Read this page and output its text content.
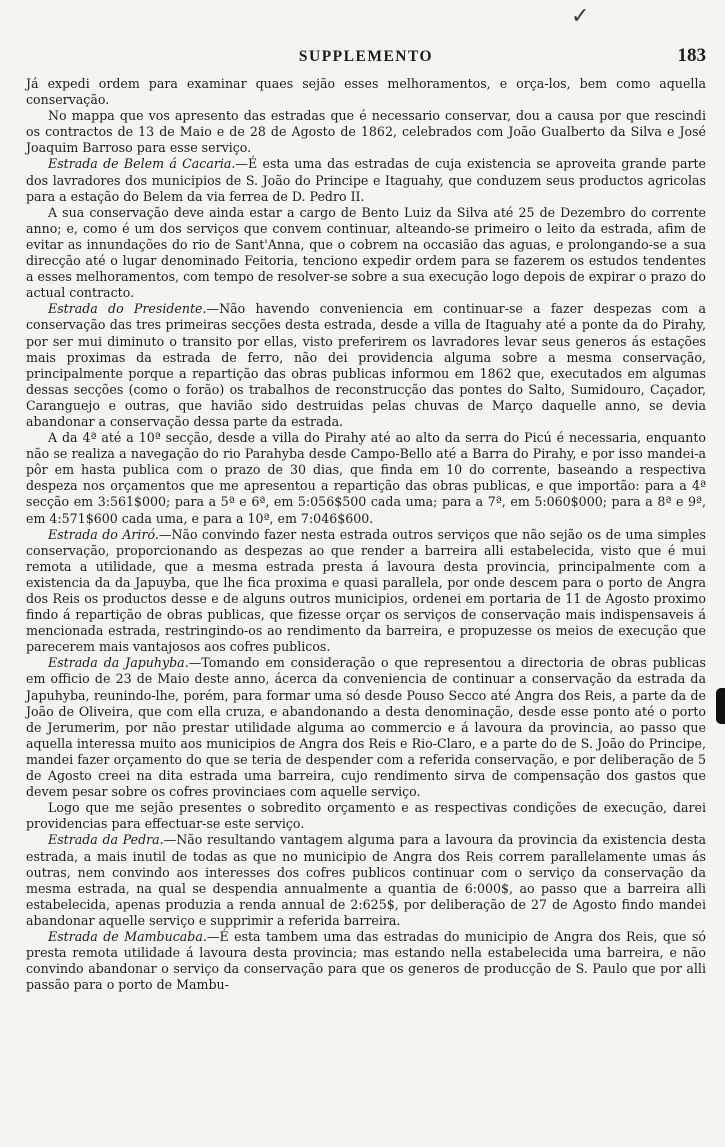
✓
SUPPLEMENTO	183

Já expedi ordem para examinar quaes sejão esses melhoramentos, e orça-los, bem como aquella conservação.

No mappa que vos apresento das estradas que é necessario conservar, dou a causa por que rescindi os contractos de 13 de Maio e de 28 de Agosto de 1862, celebrados com João Gualberto da Silva e José Joaquim Barroso para esse serviço.

Estrada de Belem á Cacaria.—É esta uma das estradas de cuja existencia se aproveita grande parte dos lavradores dos municipios de S. João do Principe e Itaguahy, que conduzem seus productos agricolas para a estação do Belem da via ferrea de D. Pedro II.

A sua conservação deve ainda estar a cargo de Bento Luiz da Silva até 25 de Dezembro do corrente anno; e, como é um dos serviços que convem continuar, alteando-se primeiro o leito da estrada, afim de evitar as innundações do rio de Sant'Anna, que o cobrem na occasião das aguas, e prolongando-se a sua direcção até o lugar denominado Feitoria, tenciono expedir ordem para se fazerem os estudos tendentes a esses melhoramentos, com tempo de resolver-se sobre a sua execução logo depois de expirar o prazo do actual contracto.

Estrada do Presidente.—Não havendo conveniencia em continuar-se a fazer despezas com a conservação das tres primeiras secções desta estrada, desde a villa de Itaguahy até a ponte da do Pirahy, por ser mui diminuto o transito por ellas, visto preferirem os lavradores levar seus generos ás estações mais proximas da estrada de ferro, não dei providencia alguma sobre a mesma conservação, principalmente porque a repartição das obras publicas informou em 1862 que, executados em algumas dessas secções (como o forão) os trabalhos de reconstrucção das pontes do Salto, Sumidouro, Caçador, Caranguejo e outras, que havião sido destruidas pelas chuvas de Março daquelle anno, se devia abandonar a conservação dessa parte da estrada.

A da 4ª até a 10ª secção, desde a villa do Pirahy até ao alto da serra do Picú é necessaria, enquanto não se realiza a navegação do rio Parahyba desde Campo-Bello até a Barra do Pirahy, e por isso mandei-a pôr em hasta publica com o prazo de 30 dias, que finda em 10 do corrente, baseando a respectiva despeza nos orçamentos que me apresentou a repartição das obras publicas, e que importão: para a 4ª secção em 3:561$000; para a 5ª e 6ª, em 5:056$500 cada uma; para a 7ª, em 5:060$000; para a 8ª e 9ª, em 4:571$600 cada uma, e para a 10ª, em 7:046$600.

Estrada do Ariró.—Não convindo fazer nesta estrada outros serviços que não sejão os de uma simples conservação, proporcionando as despezas ao que render a barreira alli estabelecida, visto que é mui remota a utilidade, que a mesma estrada presta á lavoura desta provincia, principalmente com a existencia da da Japuyba, que lhe fica proxima e quasi parallela, por onde descem para o porto de Angra dos Reis os productos desse e de alguns outros municipios, ordenei em portaria de 11 de Agosto proximo findo á repartição de obras publicas, que fizesse orçar os serviços de conservação mais indispensaveis á mencionada estrada, restringindo-os ao rendimento da barreira, e propuzesse os meios de execução que parecerem mais vantajosos aos cofres publicos.

Estrada da Japuhyba.—Tomando em consideração o que representou a directoria de obras publicas em officio de 23 de Maio deste anno, ácerca da conveniencia de continuar a conservação da estrada da Japuhyba, reunindo-lhe, porém, para formar uma só desde Pouso Secco até Angra dos Reis, a parte da de João de Oliveira, que com ella cruza, e abandonando a desta denominação, desde esse ponto até o porto de Jerumerim, por não prestar utilidade alguma ao commercio e á lavoura da provincia, ao passo que aquella interessa muito aos municipios de Angra dos Reis e Rio-Claro, e a parte do de S. João do Principe, mandei fazer orçamento do que se teria de despender com a referida conservação, e por deliberação de 5 de Agosto creei na dita estrada uma barreira, cujo rendimento sirva de compensação dos gastos que devem pesar sobre os cofres provinciaes com aquelle serviço.

Logo que me sejão presentes o sobredito orçamento e as respectivas condições de execução, darei providencias para effectuar-se este serviço.

Estrada da Pedra.—Não resultando vantagem alguma para a lavoura da provincia da existencia desta estrada, a mais inutil de todas as que no municipio de Angra dos Reis correm parallelamente umas ás outras, nem convindo aos interesses dos cofres publicos continuar com o serviço da conservação da mesma estrada, na qual se despendia annualmente a quantia de 6:000$, ao passo que a barreira alli estabelecida, apenas produzia a renda annual de 2:625$, por deliberação de 27 de Agosto findo mandei abandonar aquelle serviço e supprimir a referida barreira.

Estrada de Mambucaba.—É esta tambem uma das estradas do municipio de Angra dos Reis, que só presta remota utilidade á lavoura desta provincia; mas estando nella estabelecida uma barreira, e não convindo abandonar o serviço da conservação para que os generos de producção de S. Paulo que por alli passão para o porto de Mambu-
